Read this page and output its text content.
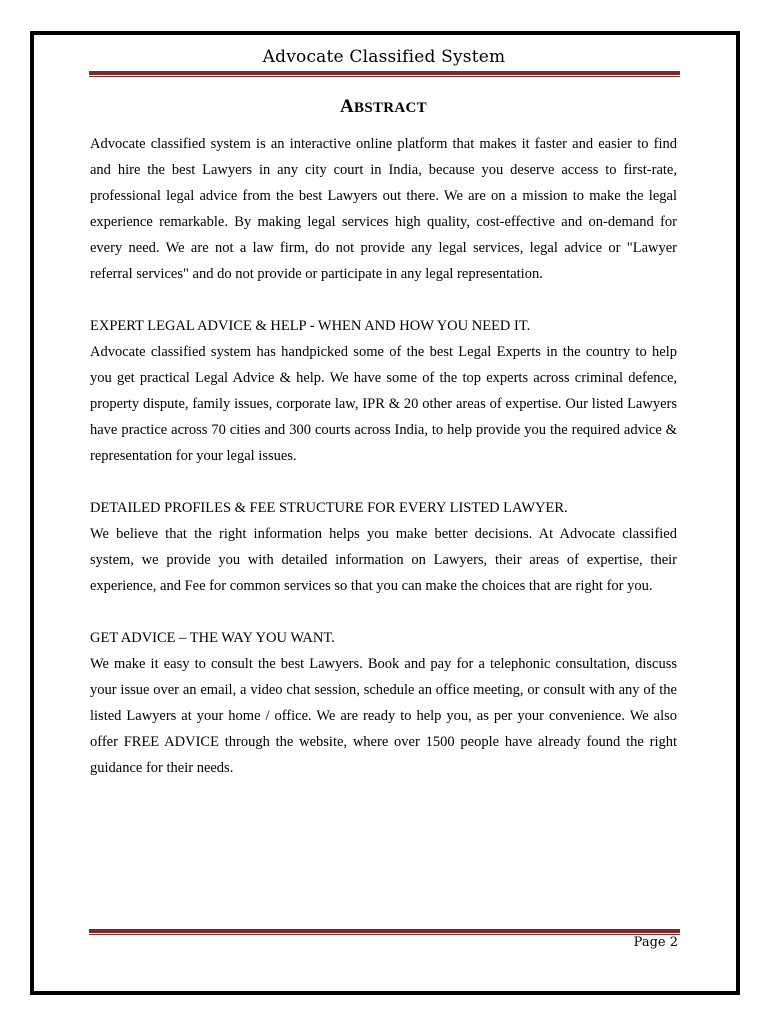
Advocate Classified System
ABSTRACT

Advocate classified system is an interactive online platform that makes it faster and easier to find and hire the best Lawyers in any city court in India, because you deserve access to first-rate, professional legal advice from the best Lawyers out there. We are on a mission to make the legal experience remarkable. By making legal services high quality, cost-effective and on-demand for every need. We are not a law firm, do not provide any legal services, legal advice or "Lawyer referral services" and do not provide or participate in any legal representation.

EXPERT LEGAL ADVICE & HELP - WHEN AND HOW YOU NEED IT.

Advocate classified system has handpicked some of the best Legal Experts in the country to help you get practical Legal Advice & help. We have some of the top experts across criminal defence, property dispute, family issues, corporate law, IPR & 20 other areas of expertise. Our listed Lawyers have practice across 70 cities and 300 courts across India, to help provide you the required advice & representation for your legal issues.

DETAILED PROFILES & FEE STRUCTURE FOR EVERY LISTED LAWYER.

We believe that the right information helps you make better decisions. At Advocate classified system, we provide you with detailed information on Lawyers, their areas of expertise, their experience, and Fee for common services so that you can make the choices that are right for you.

GET ADVICE – THE WAY YOU WANT.

We make it easy to consult the best Lawyers. Book and pay for a telephonic consultation, discuss your issue over an email, a video chat session, schedule an office meeting, or consult with any of the listed Lawyers at your home / office. We are ready to help you, as per your convenience. We also offer FREE ADVICE through the website, where over 1500 people have already found the right guidance for their needs.

Page 2
